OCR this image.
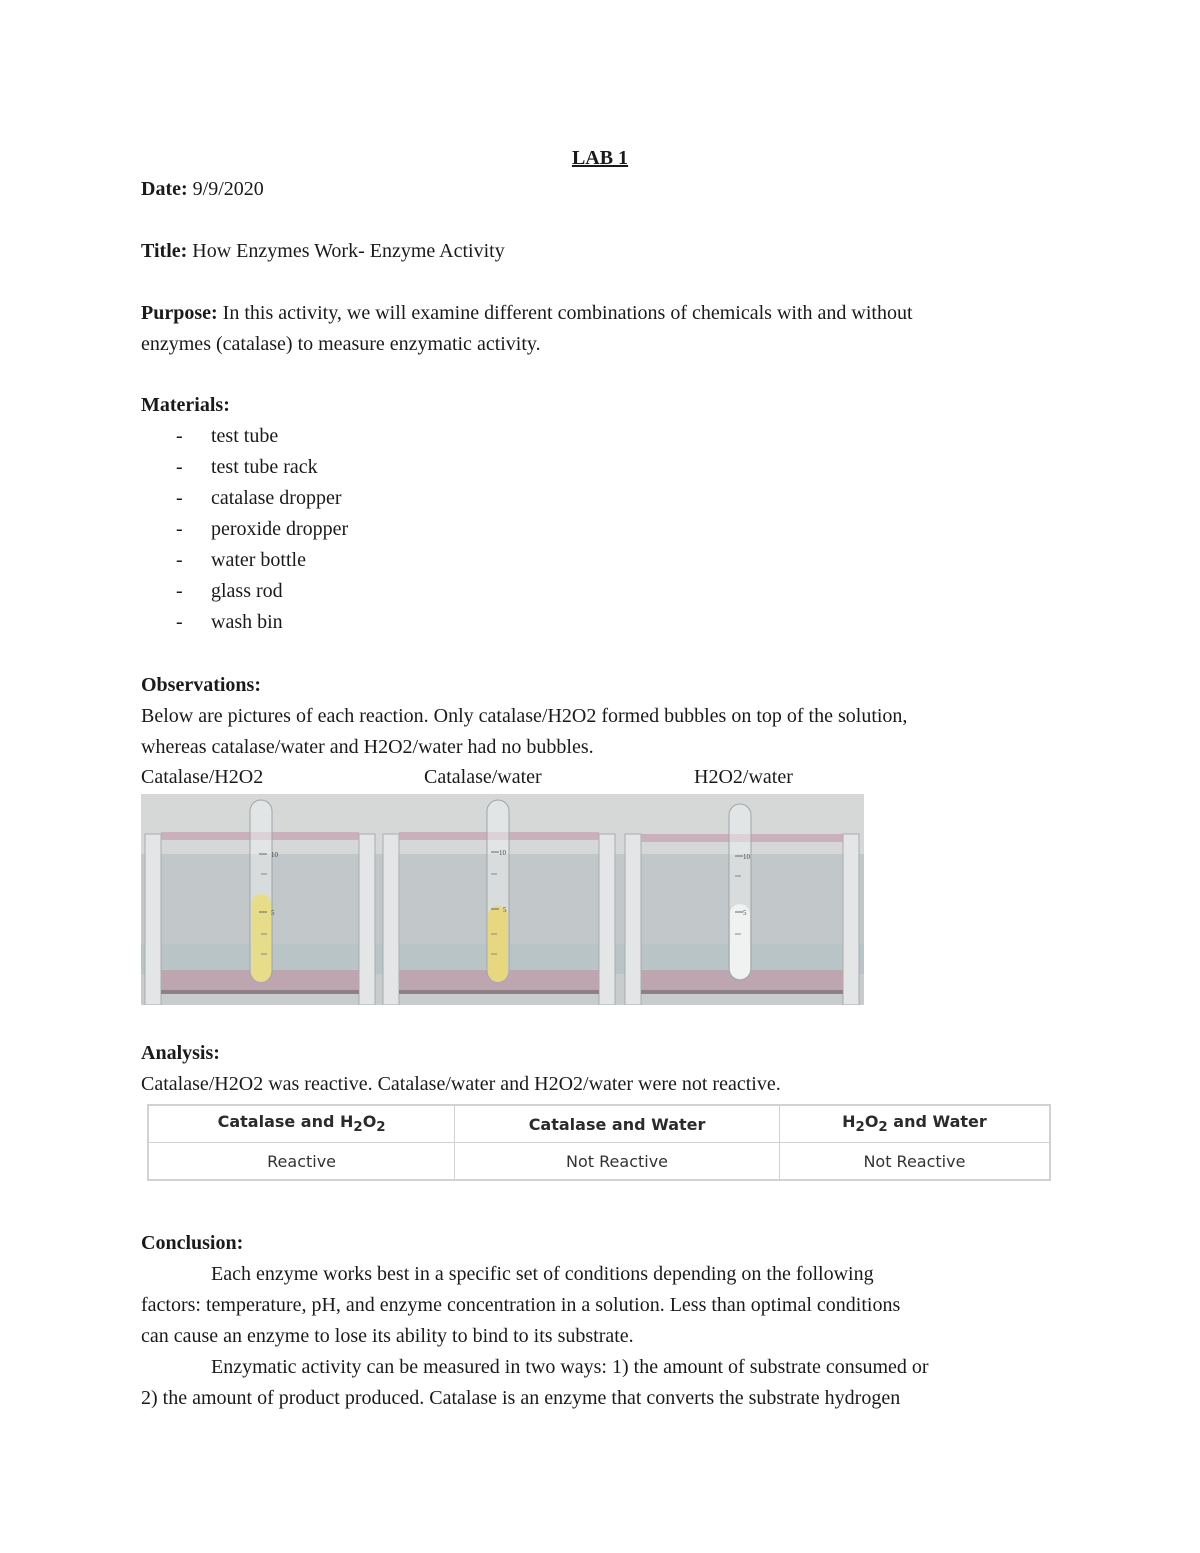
LAB 1
Date: 9/9/2020
Title: How Enzymes Work- Enzyme Activity
Purpose: In this activity, we will examine different combinations of chemicals with and without
enzymes (catalase) to measure enzymatic activity.
Materials:
- test tube
- test tube rack
- catalase dropper
- peroxide dropper
- water bottle
- glass rod
- wash bin
Observations:
Below are pictures of each reaction. Only catalase/H2O2 formed bubbles on top of the solution,
whereas catalase/water and H2O2/water had no bubbles.
Catalase/H2O2	Catalase/water	H2O2/water
10
5
10
5
10
5
Analysis:
Catalase/H2O2 was reactive. Catalase/water and H2O2/water were not reactive.
Catalase and $H_2O_2$	Catalase and Water	$H_2O_2$ and Water
Reactive	Not Reactive	Not Reactive
Conclusion:
Each enzyme works best in a specific set of conditions depending on the following
factors: temperature, pH, and enzyme concentration in a solution. Less than optimal conditions
can cause an enzyme to lose its ability to bind to its substrate.
Enzymatic activity can be measured in two ways: 1) the amount of substrate consumed or
2) the amount of product produced. Catalase is an enzyme that converts the substrate hydrogen
